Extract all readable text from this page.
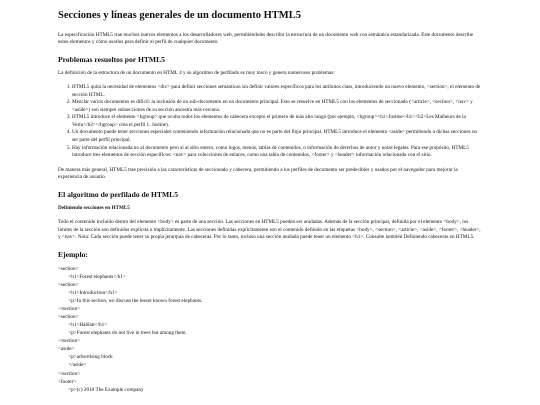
Secciones y líneas generales de un documento HTML5

La especificación HTML5 trae muchos nuevos elementos a los desarrolladores web, permitiéndoles describir la estructura de un documento web con semántica estandarizada. Este documento describe estos elementos y cómo usarlos para definir el perfil de cualquier documento.

Problemas resueltos por HTML5

La definición de la estructura de un documento en HTML 4 y su algoritmo de perfilado es muy tosco y genera numerosos problemas:

1. HTML5 quita la necesidad de elementos <div> para definir secciones semánticas sin definir valores específicos para los atributos class, introduciendo un nuevo elemento, <section>, el elemento de sección HTML.
2. Mezclar varios documentos es difícil: la inclusión de un sub-documento en un documento principal. Esto se resuelve en HTML5 con los elementos de seccionado (<article>, <section>, <nav> y <aside>) son siempre subsecciones de su sección ancestra más cercana.
3. HTML5 introduce el elemento <hgroup> que oculta todos los elementos de cabecera excepto el primero de más alto rango (por ejemplo, <hgroup><h1>Justine</h1><h2>Les Malheurs de la Vertu</h2></hgroup> crea el perfil 1. Justine).
4. Un documento puede tener secciones especiales conteniendo información relacionada que no es parte del flujo principal. HTML5 introduce el elemento <aside> permitiendo a dichas secciones no ser parte del perfil principal.
5. Hay información relacionada no al documento pero sí al sitio entero, como logos, menús, tablas de contenidos, o información de derechos de autor y notas legales. Para ese propósito, HTML5 introduce tres elementos de sección específicos: <nav> para colecciones de enlaces, como una tabla de contenidos, <footer> y <header> información relacionada con el sitio.

De manera más general, HTML5 trae precisión a las características de seccionado y cabecera, permitiendo a los perfiles de documento ser predecibles y usados por el navegador para mejorar la experiencia de usuario.

El algoritmo de perfilado de HTML5
Definiendo secciones en HTML5

Todo el contenido incluido dentro del elemento <body> es parte de una sección. Las secciones en HTML5 pueden ser anidadas. Además de la sección principal, definida por el elemento <body>, los límites de la sección son definidos explícita o implícitamente. Las secciones definidas explícitamente son el contenido definido en las etiquetas <body>, <section>, <article>, <aside>, <footer>, <header>, y <nav>. Nota: Cada sección puede tener su propia jerarquía de cabeceras. Por lo tanto, incluso una sección anidada puede tener un elemento <h1>. Consulte también Definiendo cabeceras en HTML5.

Ejemplo:
<section>
<h1>Forest elephants</h1>
<section>
<h1>Introduction</h1>
<p>In this section, we discuss the lesser known forest elephants.
</section>
<section>
<h1>Habitat</h1>
<p>Forest elephants do not live in trees but among them.
</section>
<aside>
<p>advertising block
</aside>
</section>
<footer>
<p>(c) 2010 The Example company
